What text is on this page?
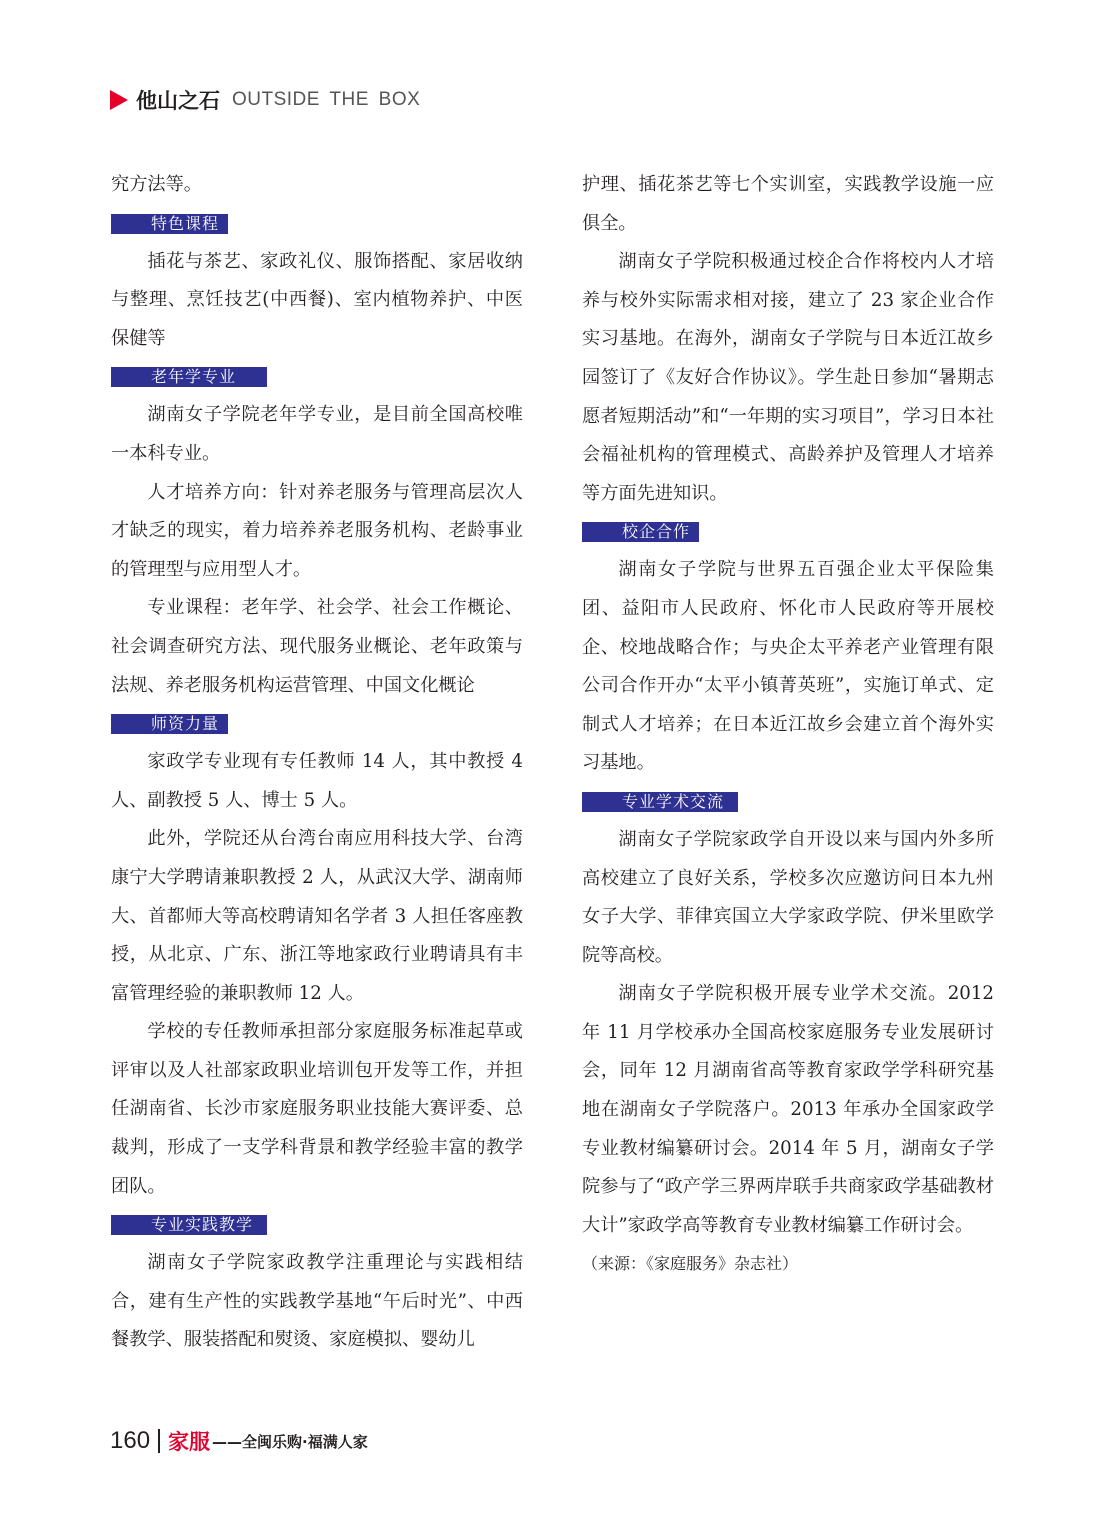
他山之石 OUTSIDE THE BOX

究方法等。

特色课程

插花与茶艺、家政礼仪、服饰搭配、家居收纳与整理、烹饪技艺(中西餐)、室内植物养护、中医保健等

老年学专业

湖南女子学院老年学专业，是目前全国高校唯一本科专业。

人才培养方向：针对养老服务与管理高层次人才缺乏的现实，着力培养养老服务机构、老龄事业的管理型与应用型人才。

专业课程：老年学、社会学、社会工作概论、社会调查研究方法、现代服务业概论、老年政策与法规、养老服务机构运营管理、中国文化概论

师资力量

家政学专业现有专任教师 14 人，其中教授 4 人、副教授 5 人、博士 5 人。

此外，学院还从台湾台南应用科技大学、台湾康宁大学聘请兼职教授 2 人，从武汉大学、湖南师大、首都师大等高校聘请知名学者 3 人担任客座教授，从北京、广东、浙江等地家政行业聘请具有丰富管理经验的兼职教师 12 人。

学校的专任教师承担部分家庭服务标准起草或评审以及人社部家政职业培训包开发等工作，并担任湖南省、长沙市家庭服务职业技能大赛评委、总裁判，形成了一支学科背景和教学经验丰富的教学团队。

专业实践教学

湖南女子学院家政教学注重理论与实践相结合，建有生产性的实践教学基地“午后时光”、中西餐教学、服装搭配和熨烫、家庭模拟、婴幼儿

护理、插花茶艺等七个实训室，实践教学设施一应俱全。

湖南女子学院积极通过校企合作将校内人才培养与校外实际需求相对接，建立了 23 家企业合作实习基地。在海外，湖南女子学院与日本近江故乡园签订了《友好合作协议》。学生赴日参加“暑期志愿者短期活动”和“一年期的实习项目”，学习日本社会福祉机构的管理模式、高龄养护及管理人才培养等方面先进知识。

校企合作

湖南女子学院与世界五百强企业太平保险集团、益阳市人民政府、怀化市人民政府等开展校企、校地战略合作；与央企太平养老产业管理有限公司合作开办“太平小镇菁英班”，实施订单式、定制式人才培养；在日本近江故乡会建立首个海外实习基地。

专业学术交流

湖南女子学院家政学自开设以来与国内外多所高校建立了良好关系，学校多次应邀访问日本九州女子大学、菲律宾国立大学家政学院、伊米里欧学院等高校。

湖南女子学院积极开展专业学术交流。2012 年 11 月学校承办全国高校家庭服务专业发展研讨会，同年 12 月湖南省高等教育家政学学科研究基地在湖南女子学院落户。2013 年承办全国家政学专业教材编纂研讨会。2014 年 5 月，湖南女子学院参与了“政产学三界两岸联手共商家政学基础教材大计”家政学高等教育专业教材编纂工作研讨会。

（来源：《家庭服务》杂志社）

160 家服 ——全闽乐购·福满人家
